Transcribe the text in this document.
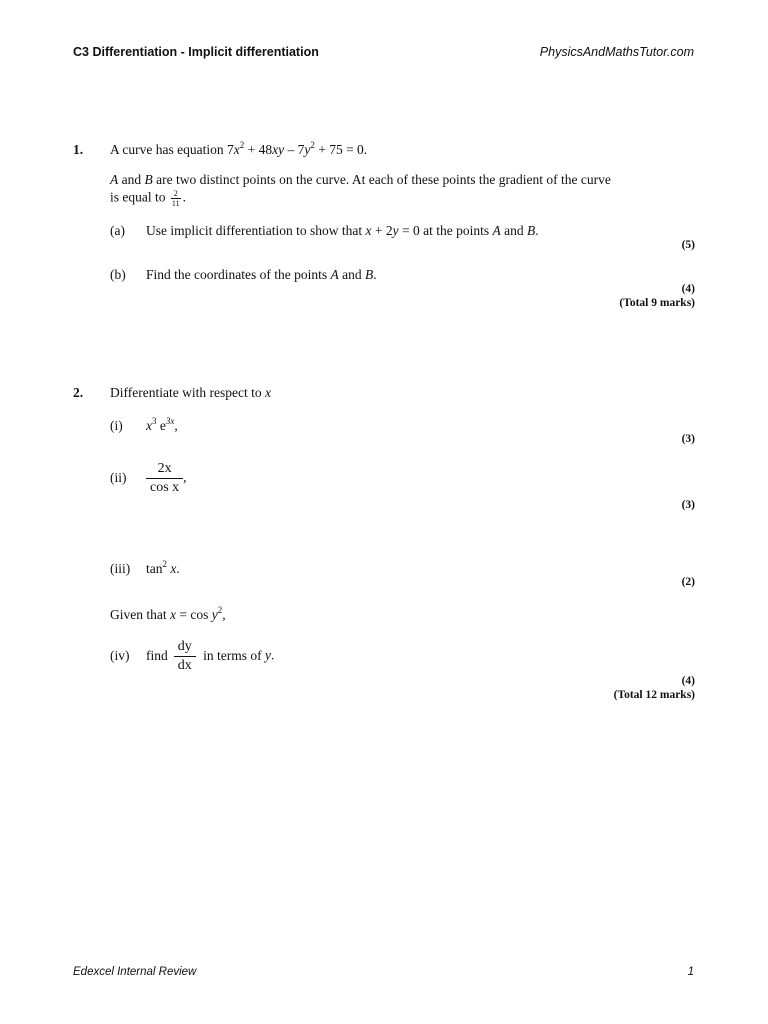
C3 Differentiation - Implicit differentiation	PhysicsAndMathsTutor.com
1. A curve has equation $7x^2 + 48xy - 7y^2 + 75 = 0$.
A and B are two distinct points on the curve. At each of these points the gradient of the curve
is equal to $\frac{2}{11}$ .
(a) Use implicit differentiation to show that x + 2y = 0 at the points A and B.
(5)
(b) Find the coordinates of the points A and B.
(4)
(Total 9 marks)
2. Differentiate with respect to x
(i) $x^3$ $e^{3x}$,
(3)
$(ii) \frac{2x}{\text{cos x}}$ ,
(3)
(iii) $\tan^2 x$.
(2)
Given that $x = \cos y^2$,
(iv) find $\frac{dy}{dx}$ in terms of y.
(4)
(Total 12 marks)
Edexcel Internal Review	1
